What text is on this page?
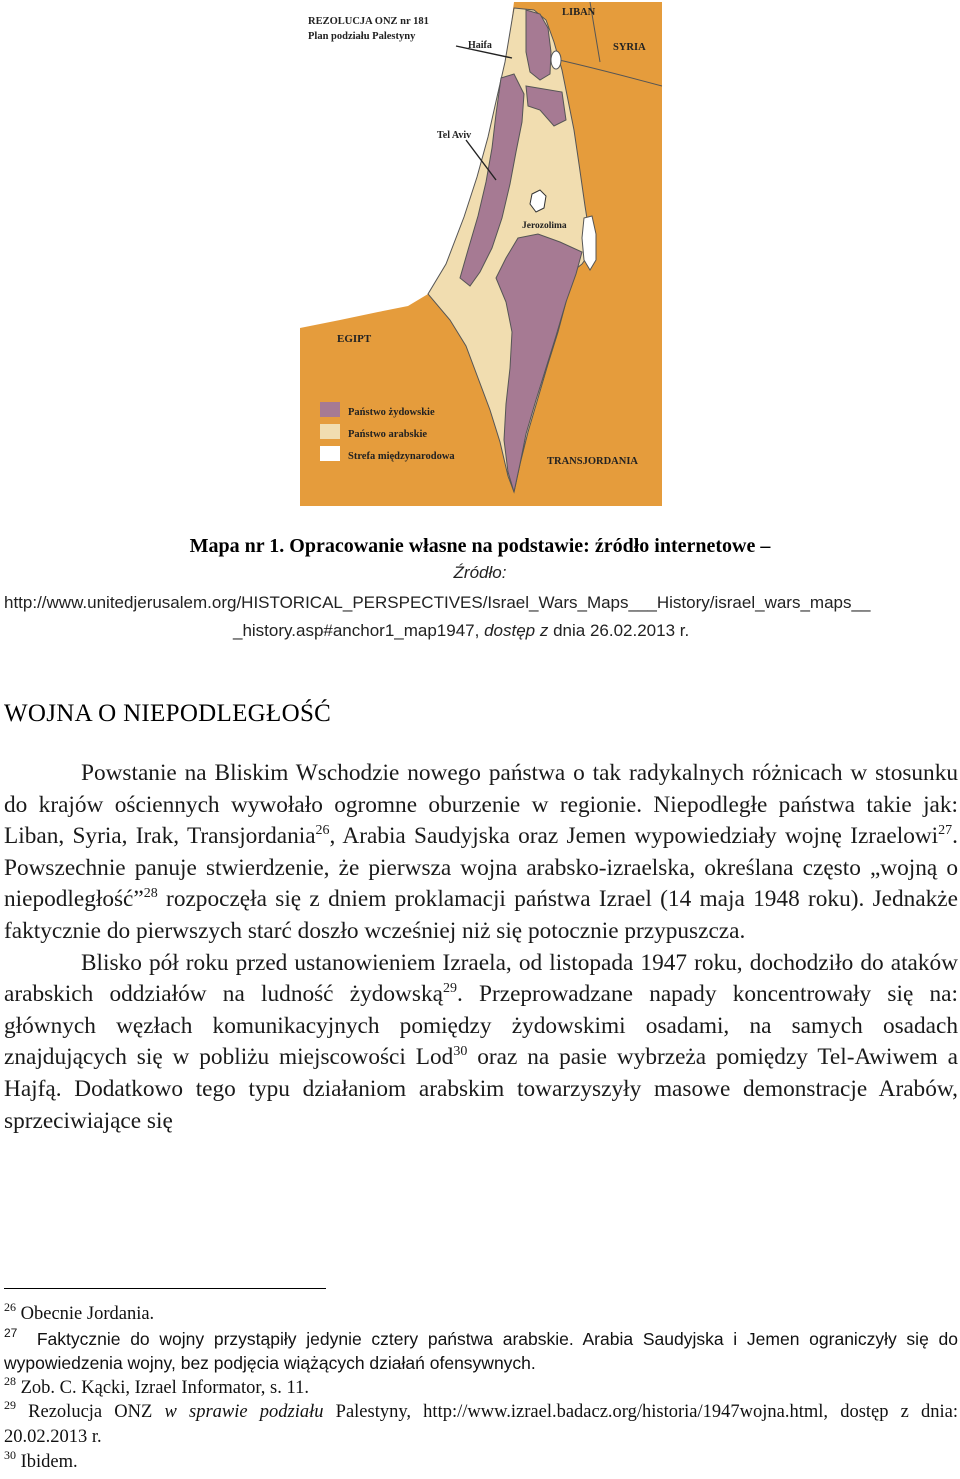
REZOLUCJA ONZ nr 181
Plan podziału Palestyny
LIBAN
SYRIA
Haifa
Tel Aviv
Jerozolima
EGIPT
TRANSJORDANIA
Państwo żydowskie
Państwo arabskie
Strefa międzynarodowa
Mapa nr 1. Opracowanie własne na podstawie: źródło internetowe –
Źródło:
http://www.unitedjerusalem.org/HISTORICAL_PERSPECTIVES/Israel_Wars_Maps___History/israel_wars_maps__
_history.asp#anchor1_map1947, dostęp z dnia 26.02.2013 r.
WOJNA O NIEPODLEGŁOŚĆ

Powstanie na Bliskim Wschodzie nowego państwa o tak radykalnych różnicach w stosunku do krajów ościennych wywołało ogromne oburzenie w regionie. Niepodległe państwa takie jak: Liban, Syria, Irak, Transjordania$^{26}$, Arabia Saudyjska oraz Jemen wypowiedziały wojnę Izraelowi$^{27}$. Powszechnie panuje stwierdzenie, że pierwsza wojna arabsko-izraelska, określana często „wojną o niepodległość”$^{28}$ rozpoczęła się z dniem proklamacji państwa Izrael (14 maja 1948 roku). Jednakże faktycznie do pierwszych starć doszło wcześniej niż się potocznie przypuszcza.

Blisko pół roku przed ustanowieniem Izraela, od listopada 1947 roku, dochodziło do ataków arabskich oddziałów na ludność żydowską$^{29}$. Przeprowadzane napady koncentrowały się na: głównych węzłach komunikacyjnych pomiędzy żydowskimi osadami, na samych osadach znajdujących się w pobliżu miejscowości Lod$^{30}$ oraz na pasie wybrzeża pomiędzy Tel-Awiwem a Hajfą. Dodatkowo tego typu działaniom arabskim towarzyszyły masowe demonstracje Arabów, sprzeciwiające się

$^{26}$ Obecnie Jordania.

$^{27}$ Faktycznie do wojny przystąpiły jedynie cztery państwa arabskie. Arabia Saudyjska i Jemen ograniczyły się do wypowiedzenia wojny, bez podjęcia wiążących działań ofensywnych.

$^{28}$ Zob. C. Kącki, Izrael Informator, s. 11.

$^{29}$ Rezolucja ONZ w sprawie podziału Palestyny, http://www.izrael.badacz.org/historia/1947wojna.html, dostęp z dnia: 20.02.2013 r.

$^{30}$ Ibidem.
